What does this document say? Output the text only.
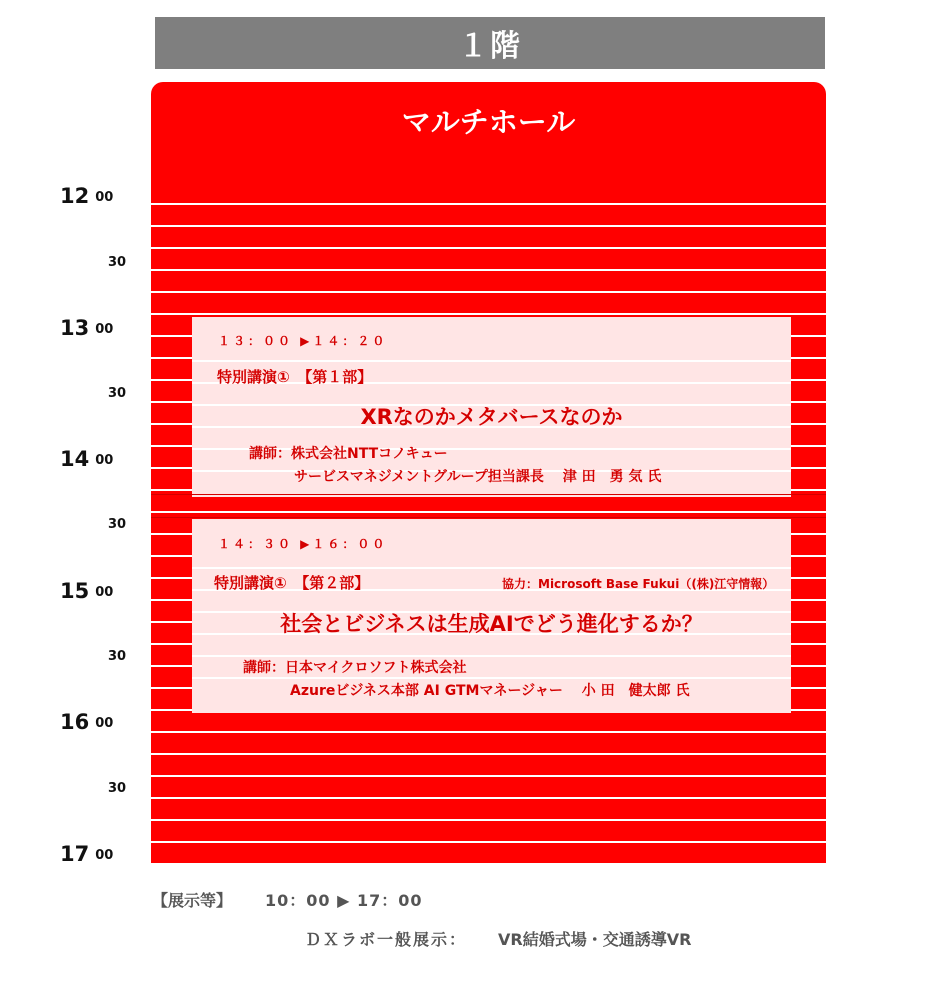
１階
マルチホール
１３：００ ▶１４：２０
特別講演①　【第１部】
XRなのかメタバースなのか
講師：株式会社NTTコノキュー
サービスマネジメントグループ担当課長　 津 田　勇 気 氏
１４：３０ ▶１６：００
特別講演①　【第２部】	協力：Microsoft Base Fukui（(株)江守情報）
社会とビジネスは生成AIでどう進化するか？
講師：日本マイクロソフト株式会社
Azureビジネス本部 AI GTMマネージャー　 小 田　健太郎 氏
12 00
30
13 00
30
14 00
30
15 00
30
16 00
30
17 00
【展示等】 10：00 ▶ 17：00
ＤＸラボ一般展示： VR結婚式場・交通誘導VR
